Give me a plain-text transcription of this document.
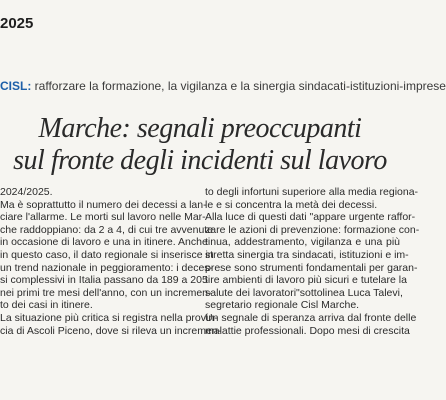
2025
CISL: rafforzare la formazione, la vigilanza e la sinergia sindacati-istituzioni-imprese
Marche: segnali preoccupanti
sul fronte degli incidenti sul lavoro
2024/2025.
Ma è soprattutto il numero dei decessi a lan-
ciare l'allarme. Le morti sul lavoro nelle Mar-
che raddoppiano: da 2 a 4, di cui tre avvenute
in occasione di lavoro e una in itinere. Anche
in questo caso, il dato regionale si inserisce in
un trend nazionale in peggioramento: i deces-
si complessivi in Italia passano da 189 a 205
nei primi tre mesi dell'anno, con un incremen-
to dei casi in itinere.
La situazione più critica si registra nella provin-
cia di Ascoli Piceno, dove si rileva un incremen-
to degli infortuni superiore alla media regiona-
le e si concentra la metà dei decessi.
Alla luce di questi dati "appare urgente raffor-
zare le azioni di prevenzione: formazione con-
tinua, addestramento, vigilanza e una più
stretta sinergia tra sindacati, istituzioni e im-
prese sono strumenti fondamentali per garan-
tire ambienti di lavoro più sicuri e tutelare la
salute dei lavoratori"sottolinea Luca Talevi,
segretario regionale Cisl Marche.
Un segnale di speranza arriva dal fronte delle
malattie professionali. Dopo mesi di crescita
